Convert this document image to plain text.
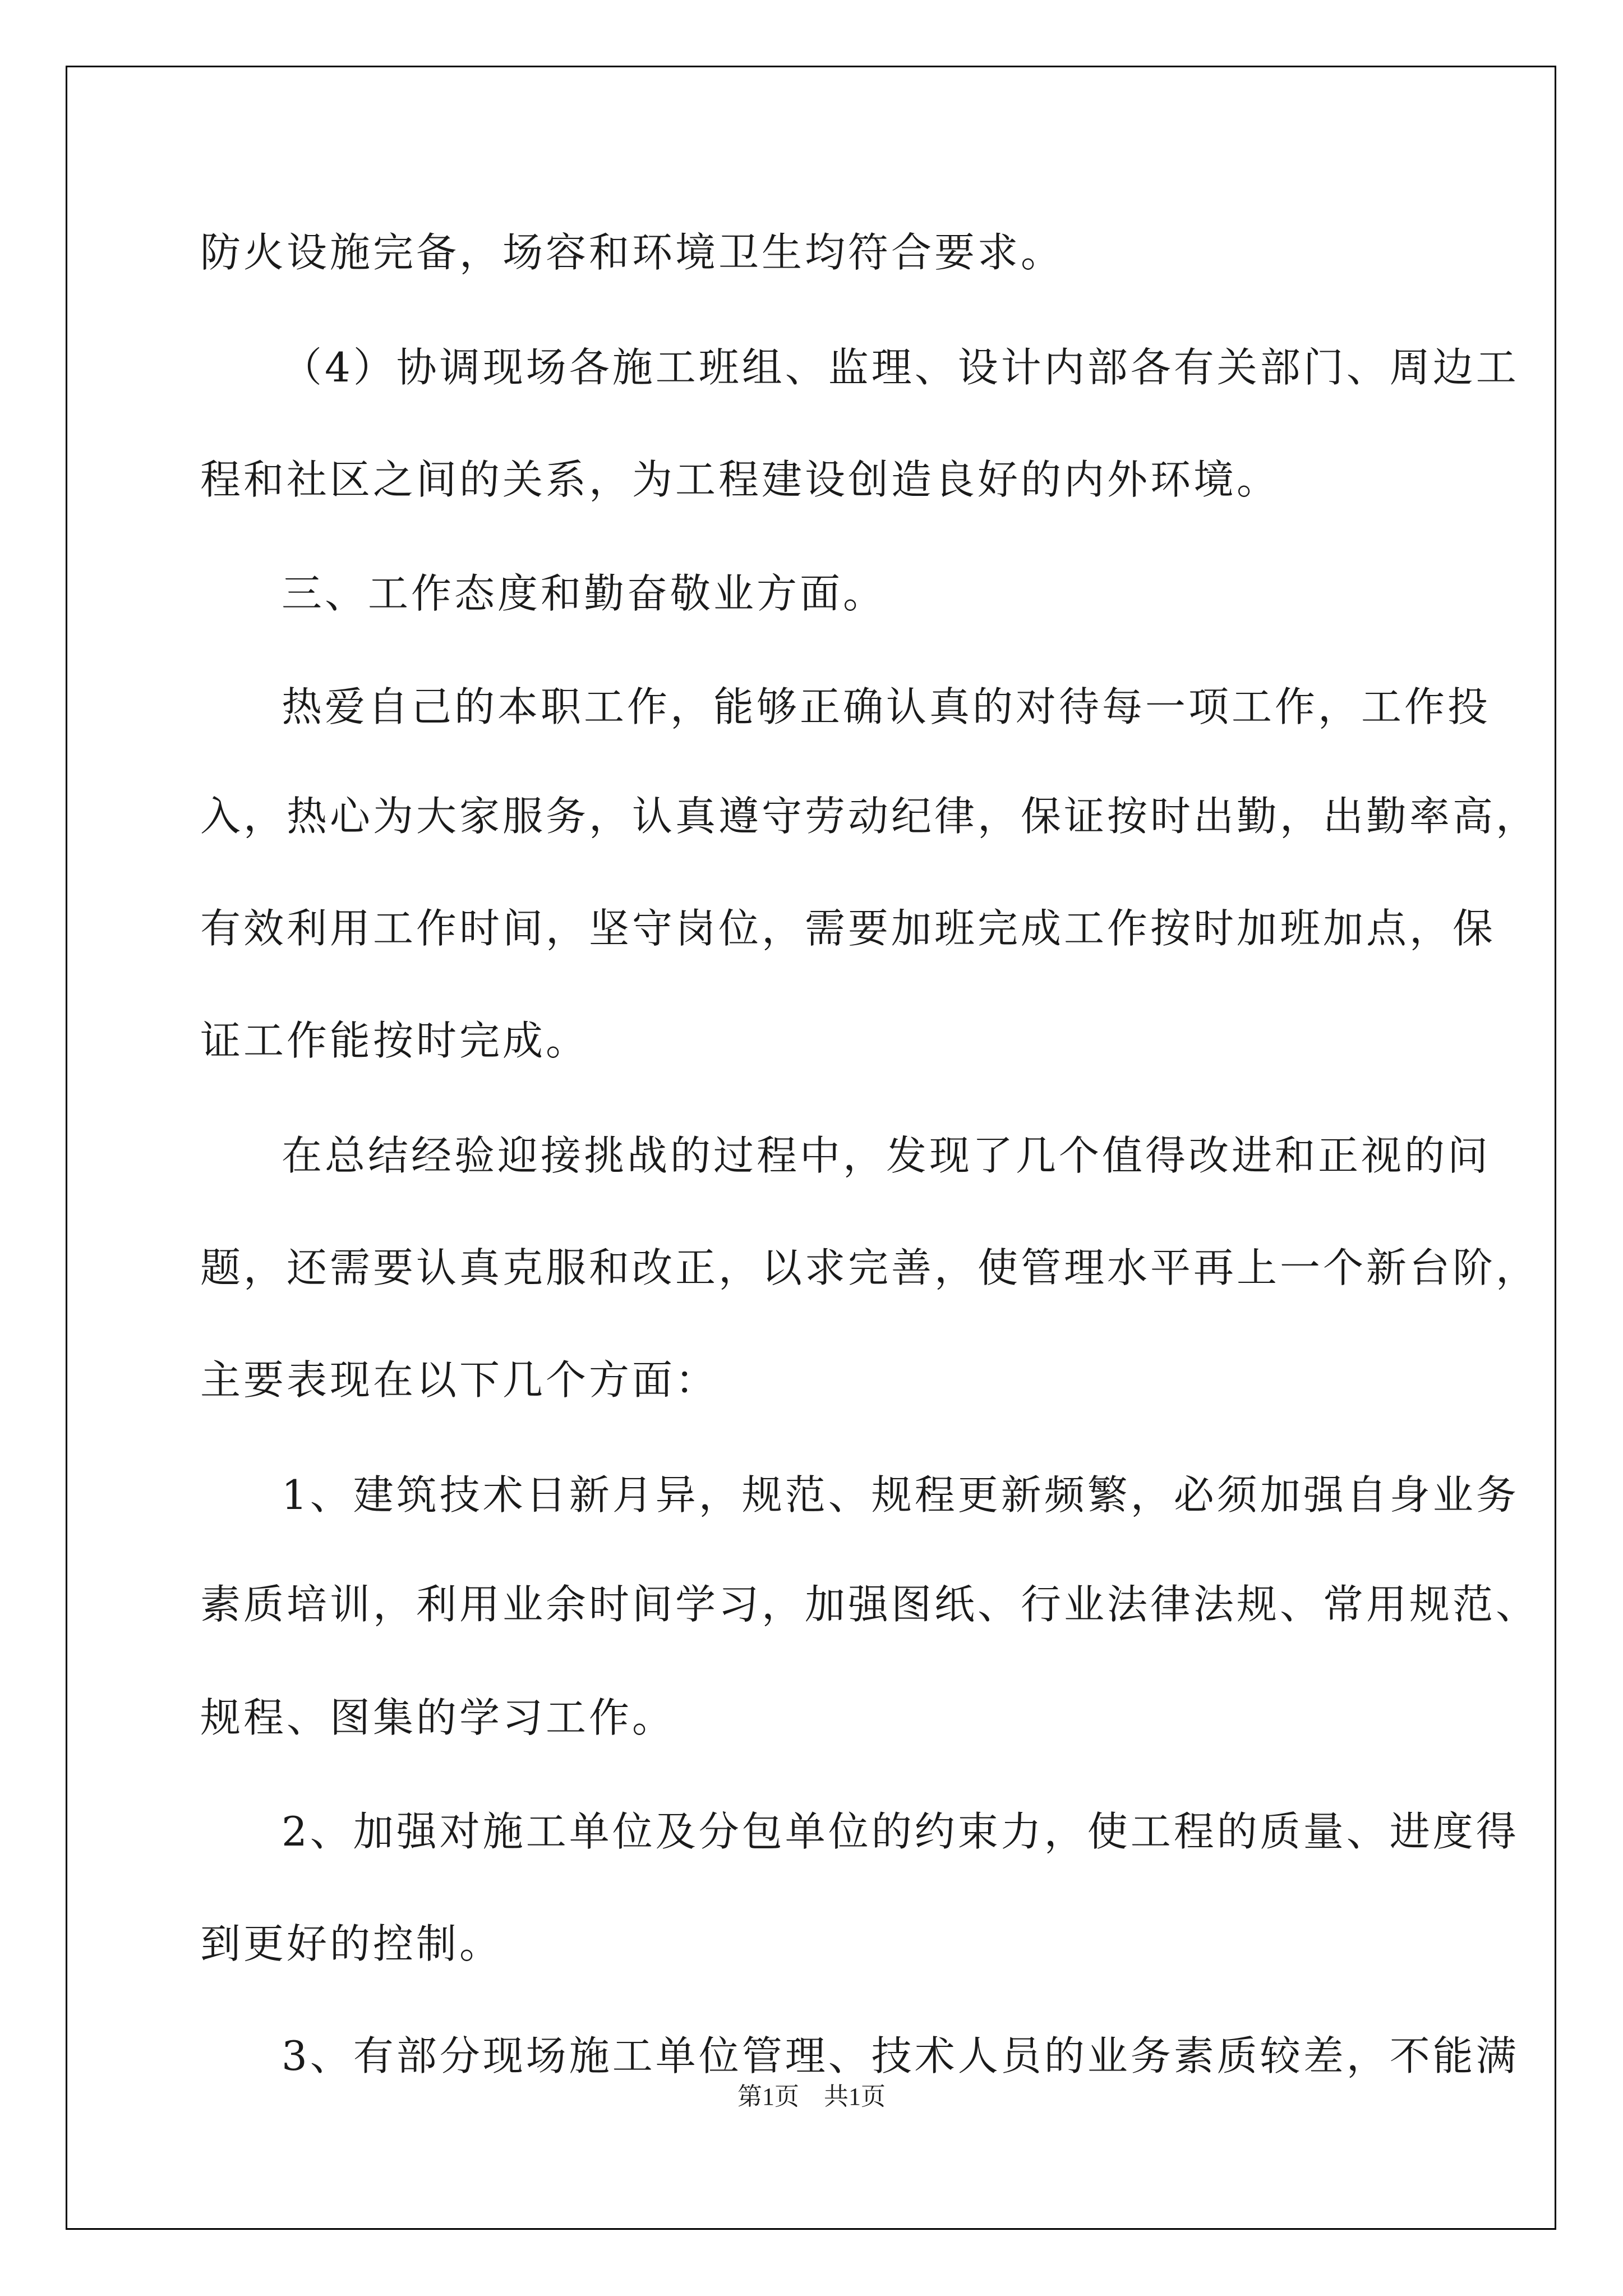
防火设施完备，场容和环境卫生均符合要求。
（4）协调现场各施工班组、监理、设计内部各有关部门、周边工
程和社区之间的关系，为工程建设创造良好的内外环境。
三、工作态度和勤奋敬业方面。
热爱自己的本职工作，能够正确认真的对待每一项工作，工作投
入，热心为大家服务，认真遵守劳动纪律，保证按时出勤，出勤率高，
有效利用工作时间，坚守岗位，需要加班完成工作按时加班加点，保
证工作能按时完成。
在总结经验迎接挑战的过程中，发现了几个值得改进和正视的问
题，还需要认真克服和改正，以求完善，使管理水平再上一个新台阶，
主要表现在以下几个方面：
1、建筑技术日新月异，规范、规程更新频繁，必须加强自身业务
素质培训，利用业余时间学习，加强图纸、行业法律法规、常用规范、
规程、图集的学习工作。
2、加强对施工单位及分包单位的约束力，使工程的质量、进度得
到更好的控制。
3、有部分现场施工单位管理、技术人员的业务素质较差，不能满
第1页　共1页
